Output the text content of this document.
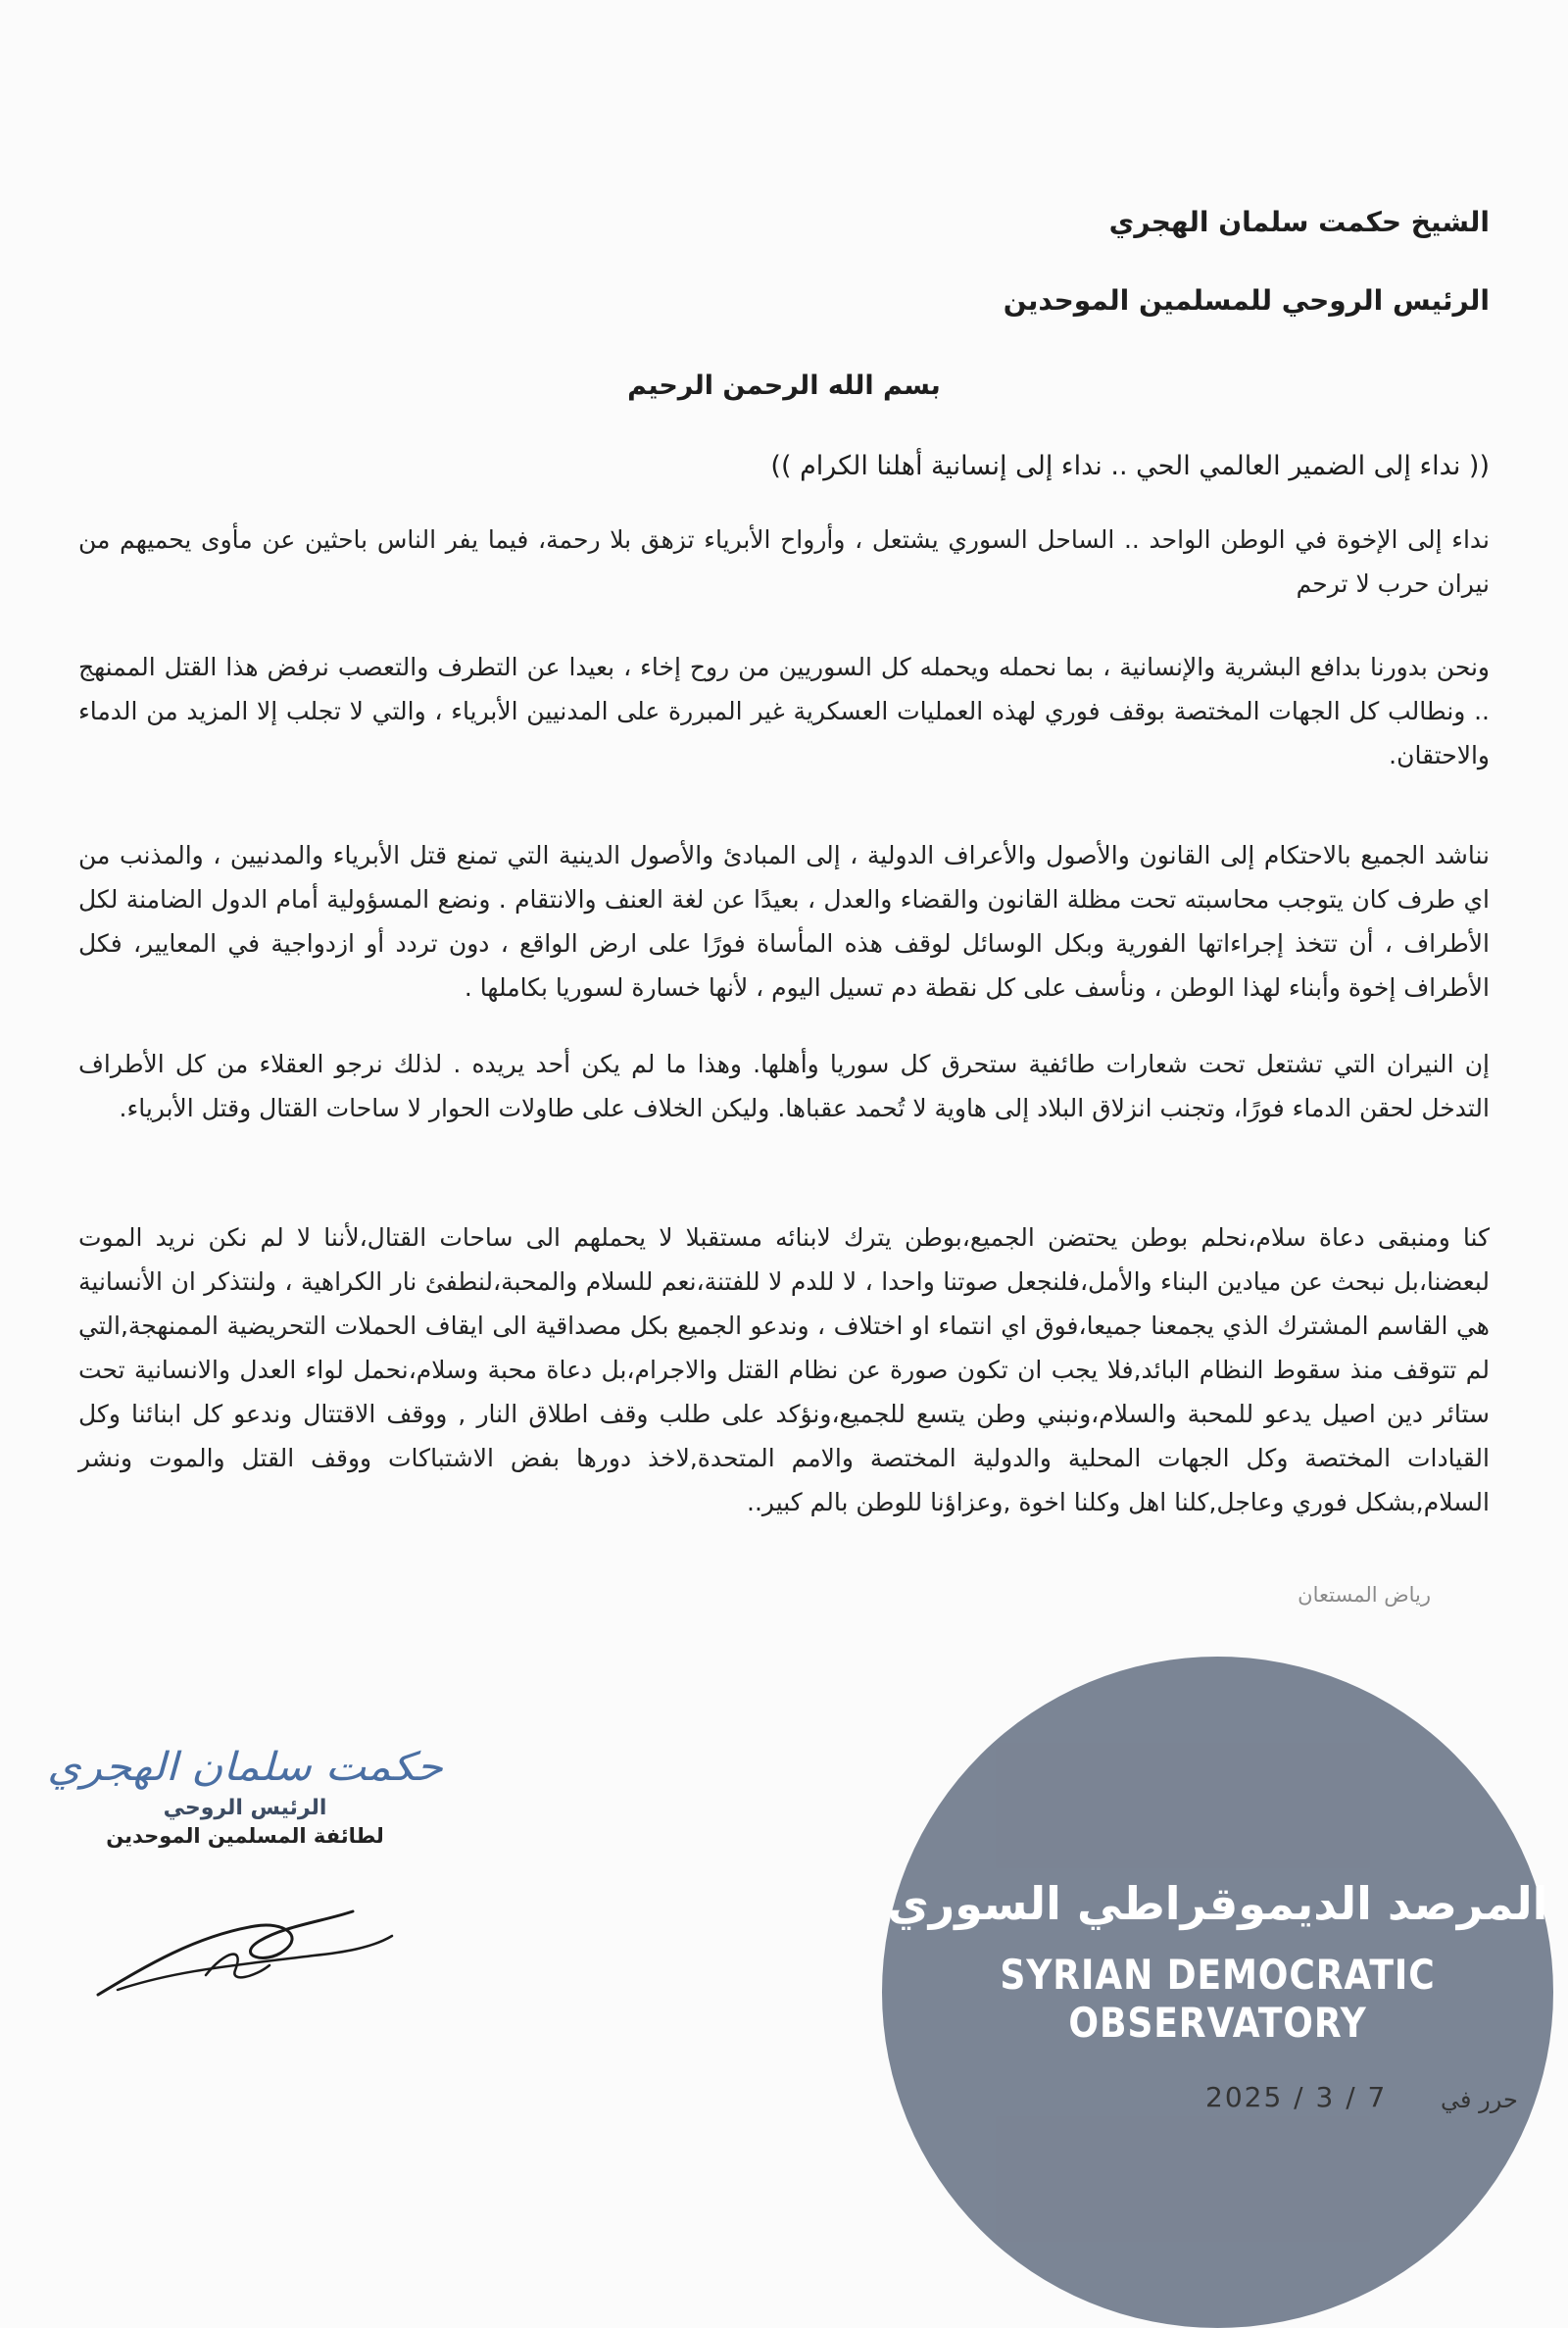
الشيخ حكمت سلمان الهجري
الرئيس الروحي للمسلمين الموحدين
بسم الله الرحمن الرحيم
(( نداء إلى الضمير العالمي الحي .. نداء إلى إنسانية أهلنا الكرام ))
نداء إلى الإخوة في الوطن الواحد .. الساحل السوري يشتعل ، وأرواح الأبرياء تزهق بلا رحمة، فيما يفر الناس باحثين عن مأوى يحميهم من نيران حرب لا ترحم
ونحن بدورنا بدافع البشرية والإنسانية ، بما نحمله ويحمله كل السوريين من روح إخاء ، بعيدا عن التطرف والتعصب نرفض هذا القتل الممنهج .. ونطالب كل الجهات المختصة بوقف فوري لهذه العمليات العسكرية غير المبررة على المدنيين الأبرياء ، والتي لا تجلب إلا المزيد من الدماء والاحتقان.
نناشد الجميع بالاحتكام إلى القانون والأصول والأعراف الدولية ، إلى المبادئ والأصول الدينية التي تمنع قتل الأبرياء والمدنيين ، والمذنب من اي طرف كان يتوجب محاسبته تحت مظلة القانون والقضاء والعدل ، بعيدًا عن لغة العنف والانتقام . ونضع المسؤولية أمام الدول الضامنة لكل الأطراف ، أن تتخذ إجراءاتها الفورية وبكل الوسائل لوقف هذه المأساة فورًا على ارض الواقع ، دون تردد أو ازدواجية في المعايير، فكل الأطراف إخوة وأبناء لهذا الوطن ، ونأسف على كل نقطة دم تسيل اليوم ، لأنها خسارة لسوريا بكاملها .
إن النيران التي تشتعل تحت شعارات طائفية ستحرق كل سوريا وأهلها. وهذا ما لم يكن أحد يريده . لذلك نرجو العقلاء من كل الأطراف التدخل لحقن الدماء فورًا، وتجنب انزلاق البلاد إلى هاوية لا تُحمد عقباها. وليكن الخلاف على طاولات الحوار لا ساحات القتال وقتل الأبرياء.
كنا ومنبقى دعاة سلام،نحلم بوطن يحتضن الجميع،بوطن يترك لابنائه مستقبلا لا يحملهم الى ساحات القتال،لأننا لا لم نكن نريد الموت لبعضنا،بل نبحث عن ميادين البناء والأمل،فلنجعل صوتنا واحدا ، لا للدم لا للفتنة،نعم للسلام والمحبة،لنطفئ نار الكراهية ، ولنتذكر ان الأنسانية هي القاسم المشترك الذي يجمعنا جميعا،فوق اي انتماء او اختلاف ، وندعو الجميع بكل مصداقية الى ايقاف الحملات التحريضية الممنهجة,التي لم تتوقف منذ سقوط النظام البائد,فلا يجب ان تكون صورة عن نظام القتل والاجرام،بل دعاة محبة وسلام،نحمل لواء العدل والانسانية تحت ستائر دين اصيل يدعو للمحبة والسلام،ونبني وطن يتسع للجميع،ونؤكد على طلب وقف اطلاق النار , ووقف الاقتتال وندعو كل ابنائنا وكل القيادات المختصة وكل الجهات المحلية والدولية المختصة والامم المتحدة,لاخذ دورها بفض الاشتباكات ووقف القتل والموت ونشر السلام,بشكل فوري وعاجل,كلنا اهل وكلنا اخوة ,وعزاؤنا للوطن بالم كبير..
رياض المستعان
حكمت سلمان الهجري
الرئيس الروحي
لطائفة المسلمين الموحدين
المرصد الديموقراطي السوري
SYRIAN DEMOCRATIC OBSERVATORY
2025 / 3 / 7 حرر في
